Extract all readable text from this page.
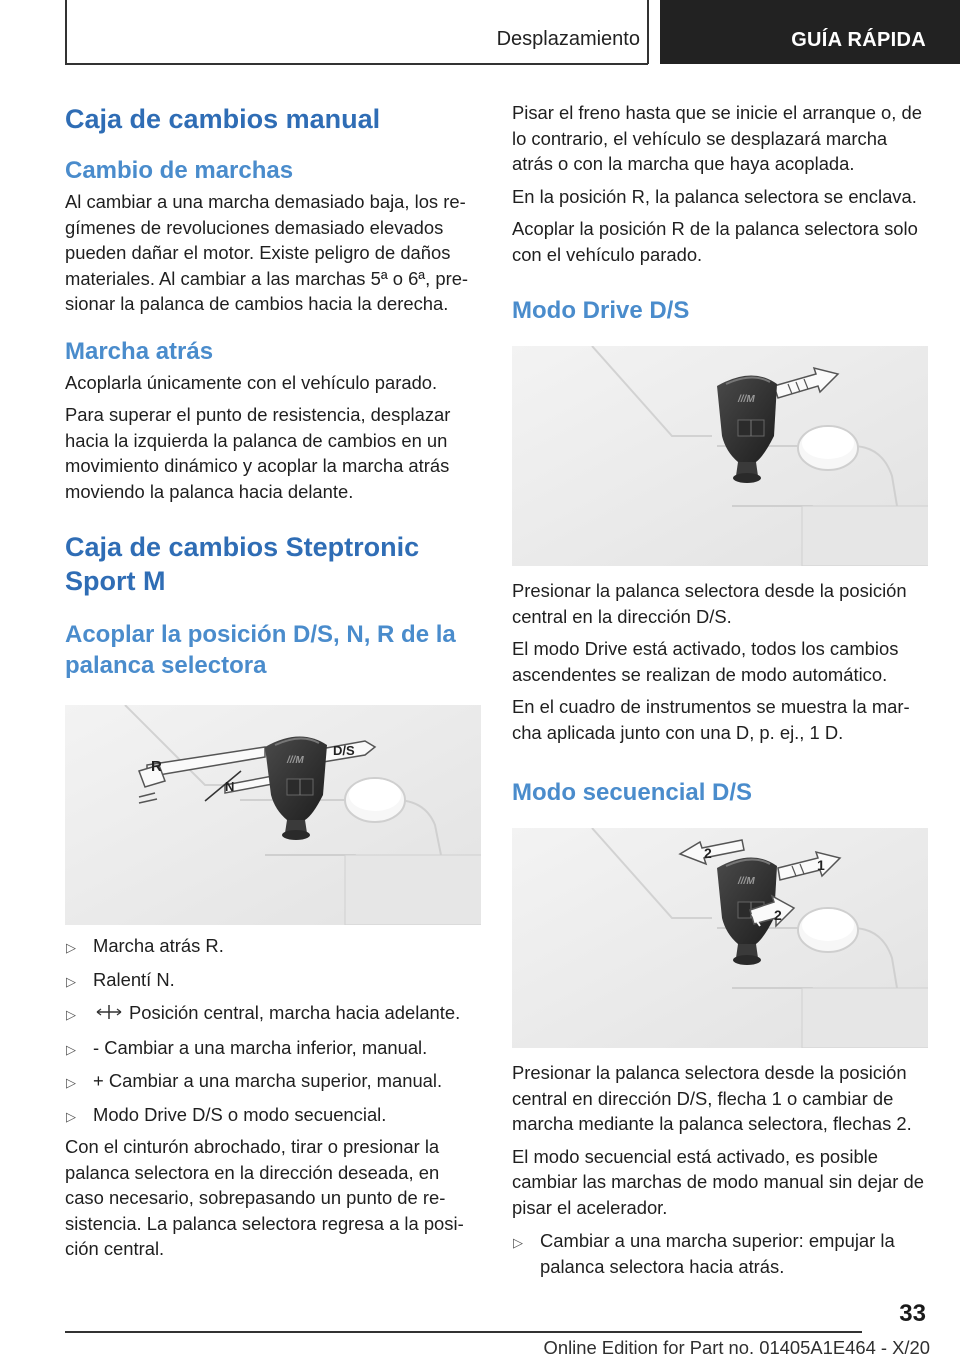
Desplazamiento	GUÍA RÁPIDA
Caja de cambios manual
Cambio de marchas

Al cambiar a una marcha demasiado baja, los regímenes de revoluciones demasiado elevados pueden dañar el motor. Existe peligro de daños materiales. Al cambiar a las marchas 5ª o 6ª, presionar la palanca de cambios hacia la derecha.

Marcha atrás

Acoplarla únicamente con el vehículo parado.

Para superar el punto de resistencia, desplazar hacia la izquierda la palanca de cambios en un movimiento dinámico y acoplar la marcha atrás moviendo la palanca hacia delante.

Caja de cambios Steptronic Sport M
Acoplar la posición D/S, N, R de la palanca selectora
R
N
D/S
///M
▷ Marcha atrás R.
▷ Ralentí N.
▷	Posición central, marcha hacia adelante.
▷ - Cambiar a una marcha inferior, manual.
▷ + Cambiar a una marcha superior, manual.
▷ Modo Drive D/S o modo secuencial.

Con el cinturón abrochado, tirar o presionar la palanca selectora en la dirección deseada, en caso necesario, sobrepasando un punto de resistencia. La palanca selectora regresa a la posición central.

Pisar el freno hasta que se inicie el arranque o, de lo contrario, el vehículo se desplazará marcha atrás o con la marcha que haya acoplada.

En la posición R, la palanca selectora se enclava.

Acoplar la posición R de la palanca selectora solo con el vehículo parado.

Modo Drive D/S
///M

Presionar la palanca selectora desde la posición central en la dirección D/S.

El modo Drive está activado, todos los cambios ascendentes se realizan de modo automático.

En el cuadro de instrumentos se muestra la marcha aplicada junto con una D, p. ej., 1 D.

Modo secuencial D/S
///M
1
2
2

Presionar la palanca selectora desde la posición central en dirección D/S, flecha 1 o cambiar de marcha mediante la palanca selectora, flechas 2.

El modo secuencial está activado, es posible cambiar las marchas de modo manual sin dejar de pisar el acelerador.

▷ Cambiar a una marcha superior: empujar la palanca selectora hacia atrás.
33
Online Edition for Part no. 01405A1E464 - X/20
